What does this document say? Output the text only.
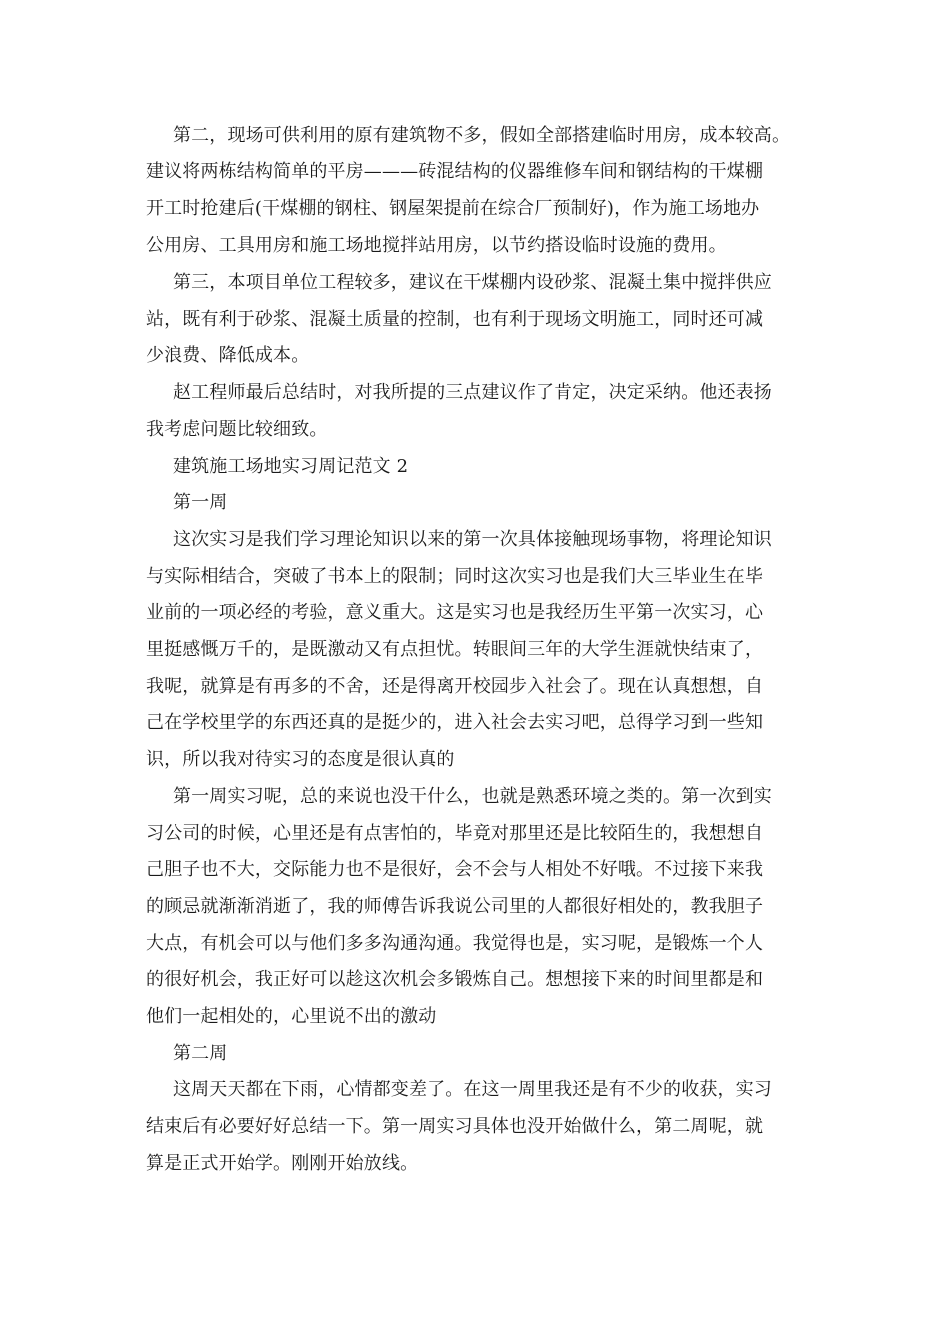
第二，现场可供利用的原有建筑物不多，假如全部搭建临时用房，成本较高。
建议将两栋结构简单的平房———砖混结构的仪器维修车间和钢结构的干煤棚
开工时抢建后(干煤棚的钢柱、钢屋架提前在综合厂预制好)，作为施工场地办
公用房、工具用房和施工场地搅拌站用房，以节约搭设临时设施的费用。
第三，本项目单位工程较多，建议在干煤棚内设砂浆、混凝土集中搅拌供应
站，既有利于砂浆、混凝土质量的控制，也有利于现场文明施工，同时还可减
少浪费、降低成本。
赵工程师最后总结时，对我所提的三点建议作了肯定，决定采纳。他还表扬
我考虑问题比较细致。
建筑施工场地实习周记范文 2
第一周
这次实习是我们学习理论知识以来的第一次具体接触现场事物，将理论知识
与实际相结合，突破了书本上的限制；同时这次实习也是我们大三毕业生在毕
业前的一项必经的考验，意义重大。这是实习也是我经历生平第一次实习，心
里挺感慨万千的，是既激动又有点担忧。转眼间三年的大学生涯就快结束了，
我呢，就算是有再多的不舍，还是得离开校园步入社会了。现在认真想想，自
己在学校里学的东西还真的是挺少的，进入社会去实习吧，总得学习到一些知
识，所以我对待实习的态度是很认真的
第一周实习呢，总的来说也没干什么，也就是熟悉环境之类的。第一次到实
习公司的时候，心里还是有点害怕的，毕竟对那里还是比较陌生的，我想想自
己胆子也不大，交际能力也不是很好，会不会与人相处不好哦。不过接下来我
的顾忌就渐渐消逝了，我的师傅告诉我说公司里的人都很好相处的，教我胆子
大点，有机会可以与他们多多沟通沟通。我觉得也是，实习呢，是锻炼一个人
的很好机会，我正好可以趁这次机会多锻炼自己。想想接下来的时间里都是和
他们一起相处的，心里说不出的激动
第二周
这周天天都在下雨，心情都变差了。在这一周里我还是有不少的收获，实习
结束后有必要好好总结一下。第一周实习具体也没开始做什么，第二周呢，就
算是正式开始学。刚刚开始放线。
